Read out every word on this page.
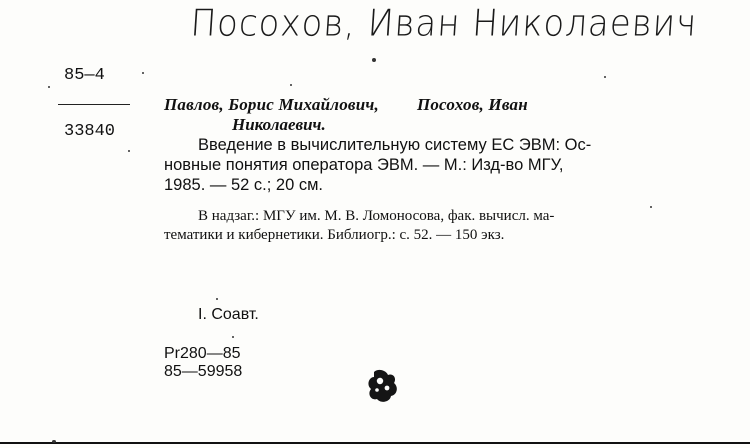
Посохов, Иван Николаевич
85—4
33840
Павлов, Борис Михайлович, Посохов, Иван
Николаевич.
Введение в вычислительную систему ЕС ЭВМ: Ос-
новные понятия оператора ЭВМ. — М.: Изд-во МГУ,
1985. — 52 с.; 20 см.
В надзаг.: МГУ им. М. В. Ломоносова, фак. вычисл. ма-
тематики и кибернетики. Библиогр.: с. 52. — 150 экз.
I. Соавт.
Pr280—85
85—59958
